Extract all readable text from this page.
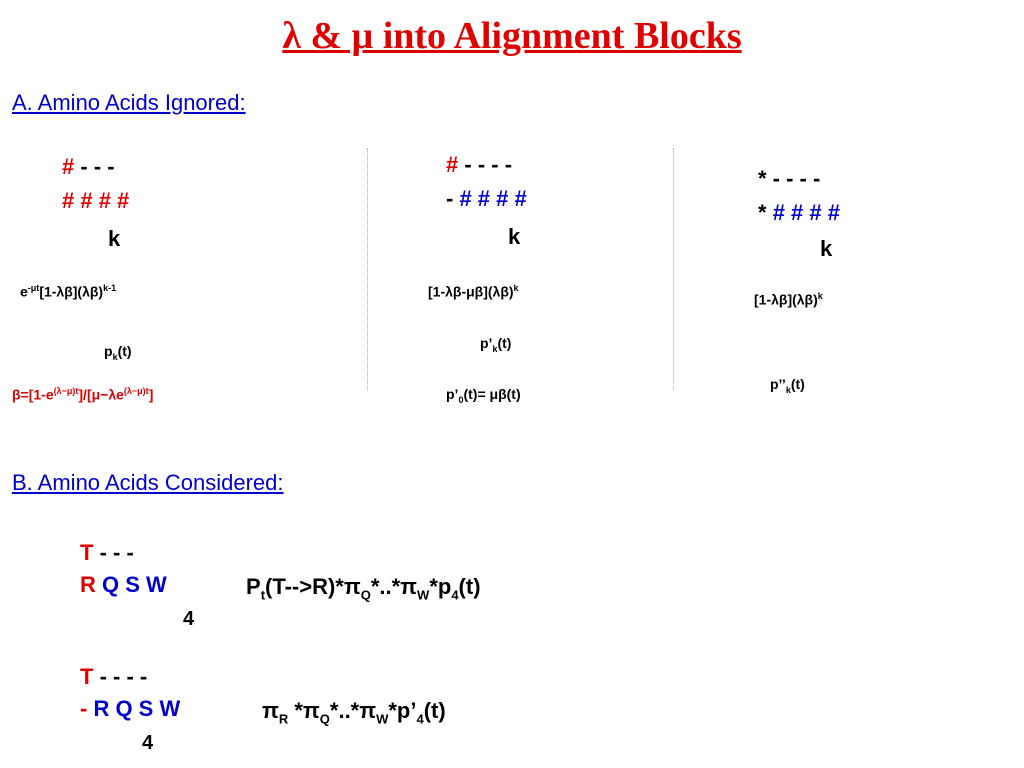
λ & μ into Alignment Blocks
A. Amino Acids Ignored:
# - - -
# # # #
k
$e^{-\mu t}[1-\lambda\beta](\lambda\beta)^{k-1}$
$p_k(t)$
$\beta=[1-e^{(\lambda-\mu)t}]/[\mu-\lambda e^{(\lambda-\mu)t}]$
# - - - -
- # # # #
k
$[1-\lambda\beta-\mu\beta](\lambda\beta)^k$
$p’_k(t)$
$p’_0(t)= \mu\beta(t)$
* - - - -
* # # # #
k
$[1-\lambda\beta](\lambda\beta)^k$
$p’’_k(t)$
B. Amino Acids Considered:
T - - -
R Q S W	$P_t(T-->R)*\pi_Q*..*\pi_W*p_4(t)$
4
T - - - -
- R Q S W	$\pi_R$ $*\pi_Q*..*\pi_W*p’_4(t)$
4
